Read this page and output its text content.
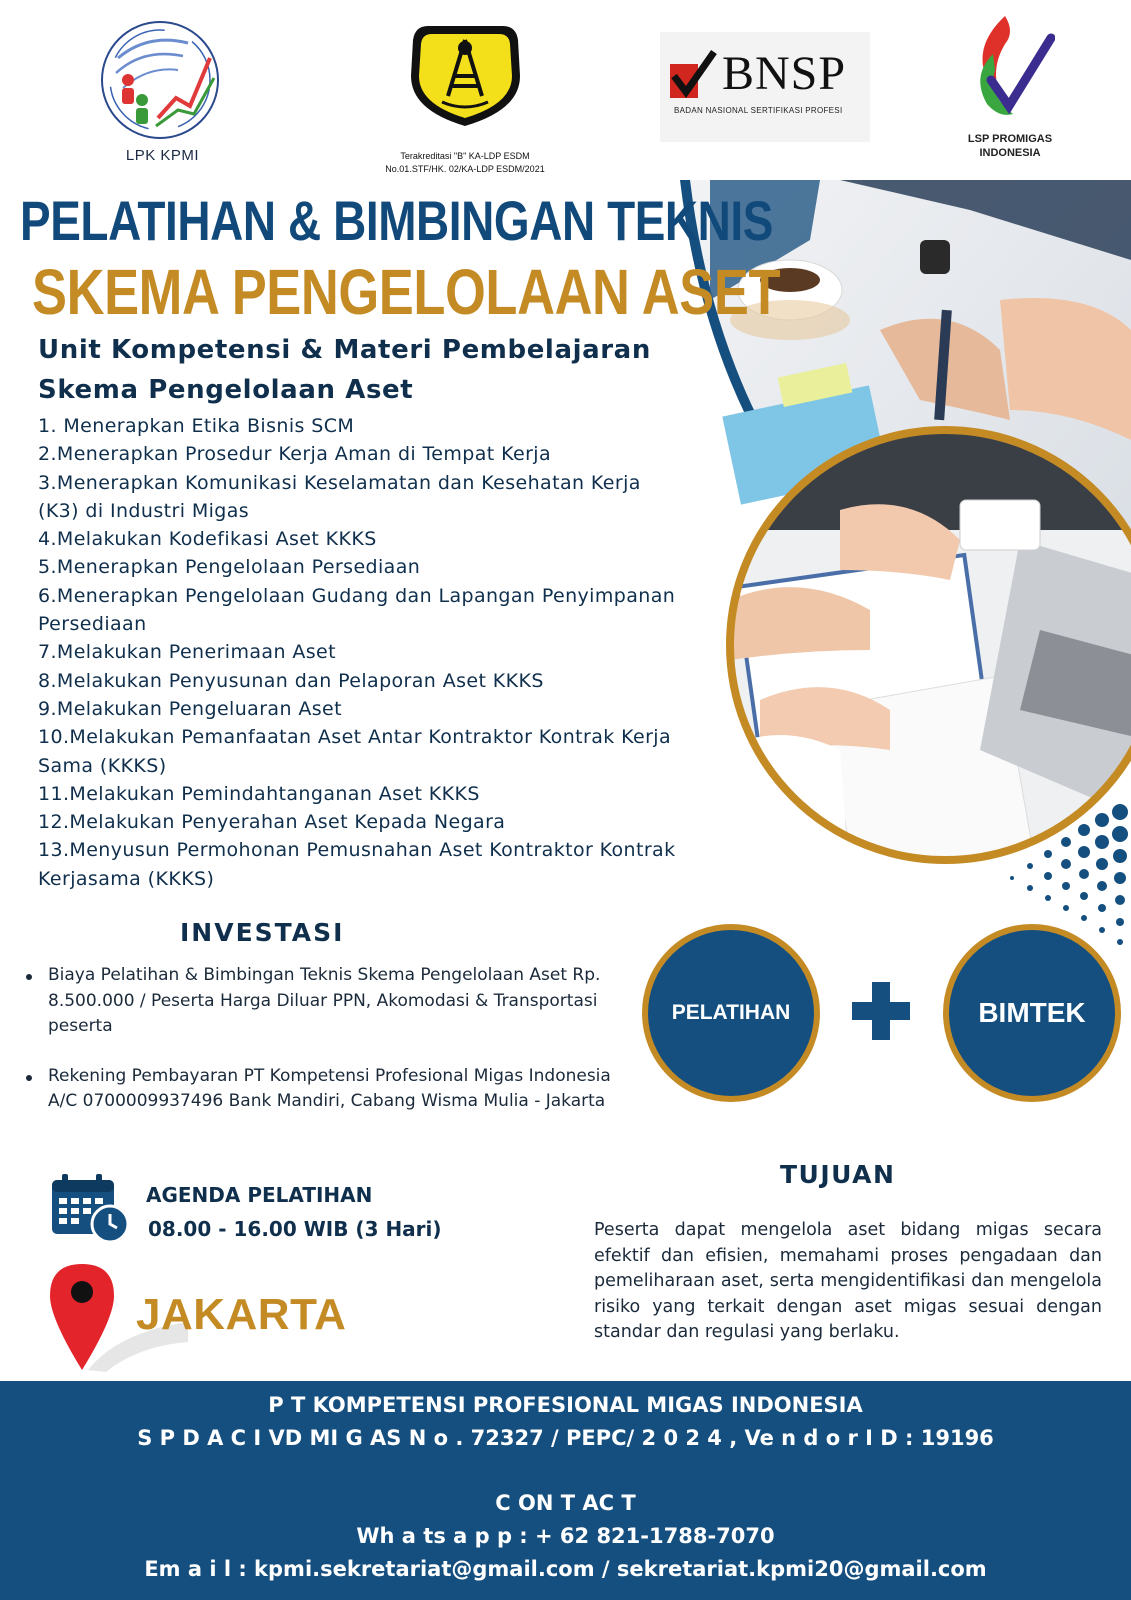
LPK KPMI	Terakreditasi "B" KA-LDP ESDM
No.01.STF/HK. 02/KA-LDP ESDM/2021
BNSP
BADAN NASIONAL SERTIFIKASI PROFESI
LSP PROMIGAS
INDONESIA
PELATIHAN & BIMBINGAN TEKNIS
SKEMA PENGELOLAAN ASET
Unit Kompetensi & Materi Pembelajaran
Skema Pengelolaan Aset
1. Menerapkan Etika Bisnis SCM
2.Menerapkan Prosedur Kerja Aman di Tempat Kerja
3.Menerapkan Komunikasi Keselamatan dan Kesehatan Kerja (K3) di Industri Migas
4.Melakukan Kodefikasi Aset KKKS
5.Menerapkan Pengelolaan Persediaan
6.Menerapkan Pengelolaan Gudang dan Lapangan Penyimpanan Persediaan
7.Melakukan Penerimaan Aset
8.Melakukan Penyusunan dan Pelaporan Aset KKKS
9.Melakukan Pengeluaran Aset
10.Melakukan Pemanfaatan Aset Antar Kontraktor Kontrak Kerja Sama (KKKS)
11.Melakukan Pemindahtanganan Aset KKKS
12.Melakukan Penyerahan Aset Kepada Negara
13.Menyusun Permohonan Pemusnahan Aset Kontraktor Kontrak Kerjasama (KKKS)
INVESTASI
Biaya Pelatihan & Bimbingan Teknis Skema Pengelolaan Aset Rp. 8.500.000 / Peserta Harga Diluar PPN, Akomodasi & Transportasi peserta
Rekening Pembayaran PT Kompetensi Profesional Migas Indonesia A/C 0700009937496 Bank Mandiri, Cabang Wisma Mulia - Jakarta
PELATIHAN	BIMTEK
AGENDA PELATIHAN
08.00 - 16.00 WIB (3 Hari)
JAKARTA
TUJUAN
Peserta dapat mengelola aset bidang migas secara efektif dan efisien, memahami proses pengadaan dan pemeliharaan aset, serta mengidentifikasi dan mengelola risiko yang terkait dengan aset migas sesuai dengan standar dan regulasi yang berlaku.
P T KOMPETENSI PROFESIONAL MIGAS INDONESIA
S P D A C I VD MI G AS N o . 72327 / PEPC/ 2 0 2 4 , Ve n d o r I D : 19196
C ON T AC T
Wh a ts a p p : + 62 821-1788-7070
Em a i l : kpmi.sekretariat@gmail.com / sekretariat.kpmi20@gmail.com
